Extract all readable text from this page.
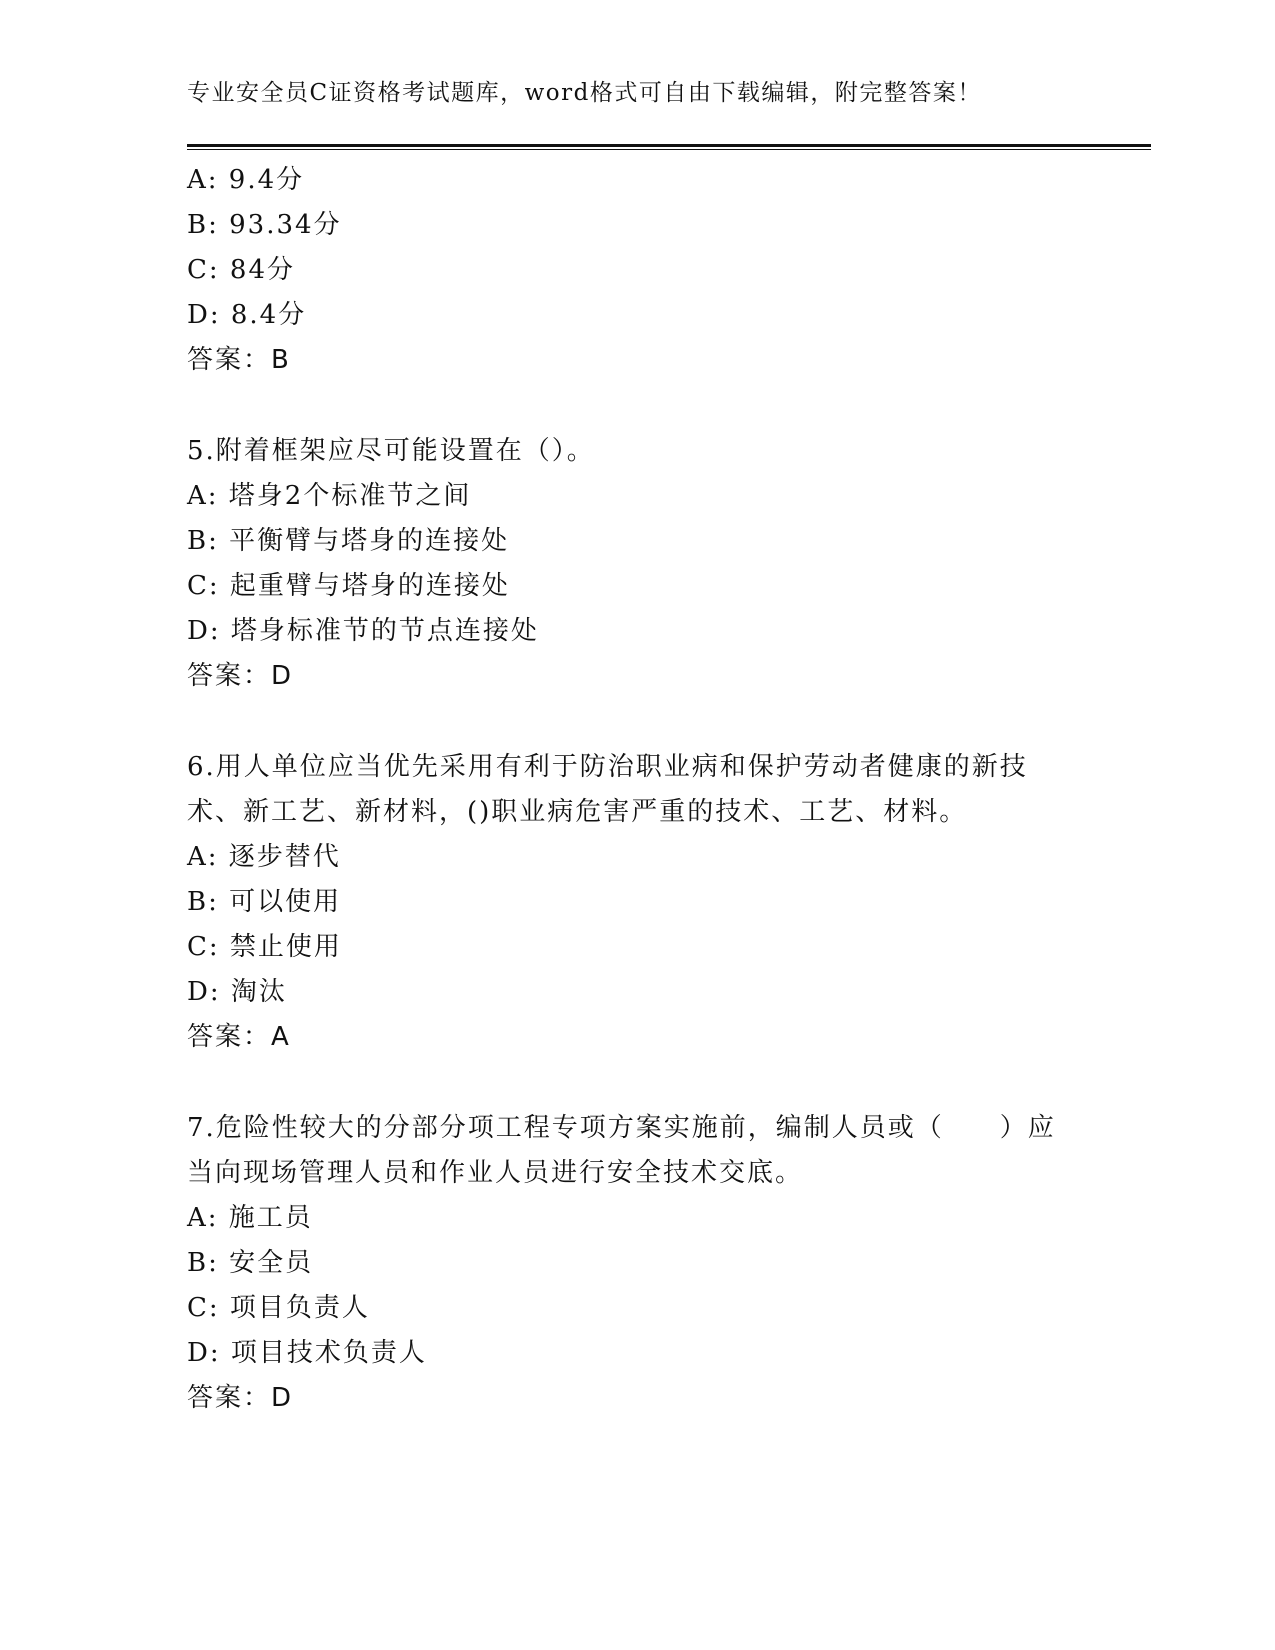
专业安全员C证资格考试题库，word格式可自由下载编辑，附完整答案！
A: 9.4分
B: 93.34分
C: 84分
D: 8.4分
答案：B
5.附着框架应尽可能设置在（）。
A: 塔身2个标准节之间
B: 平衡臂与塔身的连接处
C: 起重臂与塔身的连接处
D: 塔身标准节的节点连接处
答案：D
6.用人单位应当优先采用有利于防治职业病和保护劳动者健康的新技
术、新工艺、新材料，()职业病危害严重的技术、工艺、材料。
A: 逐步替代
B: 可以使用
C: 禁止使用
D: 淘汰
答案：A
7.危险性较大的分部分项工程专项方案实施前，编制人员或（　　）应
当向现场管理人员和作业人员进行安全技术交底。
A: 施工员
B: 安全员
C: 项目负责人
D: 项目技术负责人
答案：D
